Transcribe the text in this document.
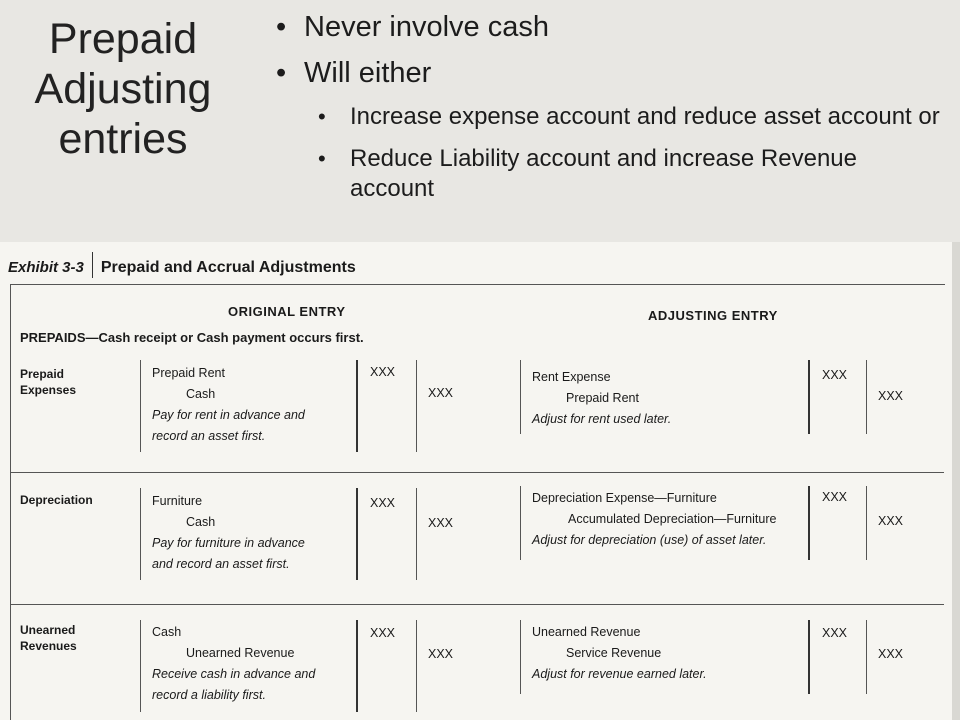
Prepaid
Adjusting
entries
• Never involve cash
• Will either
• Increase expense account and reduce asset account or
• Reduce Liability account and increase Revenue account
Exhibit 3-3 Prepaid and Accrual Adjustments
ORIGINAL ENTRY	ADJUSTING ENTRY
PREPAIDS—Cash receipt or Cash payment occurs first.
Prepaid
Expenses
Prepaid Rent
Cash
Pay for rent in advance and
record an asset first.
XXX
XXX
Rent Expense
Prepaid Rent
Adjust for rent used later.
XXX
XXX
Depreciation	Furniture
Cash
Pay for furniture in advance
and record an asset first.
XXX
XXX
Depreciation Expense—Furniture
Accumulated Depreciation—Furniture
Adjust for depreciation (use) of asset later.
XXX
XXX
Unearned
Revenues
Cash
Unearned Revenue
Receive cash in advance and
record a liability first.
XXX
XXX
Unearned Revenue
Service Revenue
Adjust for revenue earned later.
XXX
XXX
